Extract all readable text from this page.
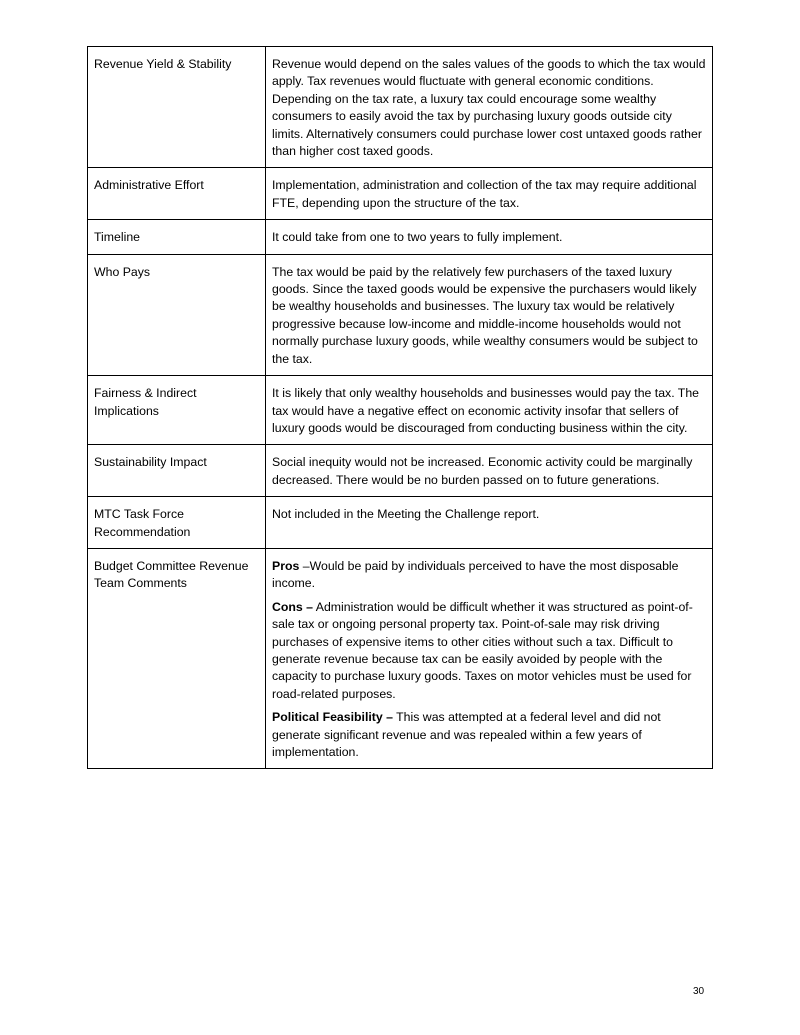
Revenue Yield & Stability	Revenue would depend on the sales values of the goods to which the tax would apply. Tax revenues would fluctuate with general economic conditions. Depending on the tax rate, a luxury tax could encourage some wealthy consumers to easily avoid the tax by purchasing luxury goods outside city limits. Alternatively consumers could purchase lower cost untaxed goods rather than higher cost taxed goods.

Administrative Effort	Implementation, administration and collection of the tax may require additional FTE, depending upon the structure of the tax.

Timeline	It could take from one to two years to fully implement.

Who Pays	The tax would be paid by the relatively few purchasers of the taxed luxury goods. Since the taxed goods would be expensive the purchasers would likely be wealthy households and businesses. The luxury tax would be relatively progressive because low-income and middle-income households would not normally purchase luxury goods, while wealthy consumers would be subject to the tax.

Fairness & Indirect Implications	It is likely that only wealthy households and businesses would pay the tax. The tax would have a negative effect on economic activity insofar that sellers of luxury goods would be discouraged from conducting business within the city.

Sustainability Impact	Social inequity would not be increased. Economic activity could be marginally decreased. There would be no burden passed on to future generations.

MTC Task Force Recommendation	Not included in the Meeting the Challenge report.

Budget Committee Revenue Team Comments	Pros –Would be paid by individuals perceived to have the most disposable income.

Cons – Administration would be difficult whether it was structured as point-of-sale tax or ongoing personal property tax. Point-of-sale may risk driving purchases of expensive items to other cities without such a tax. Difficult to generate revenue because tax can be easily avoided by people with the capacity to purchase luxury goods. Taxes on motor vehicles must be used for road-related purposes.

Political Feasibility – This was attempted at a federal level and did not generate significant revenue and was repealed within a few years of implementation.

30
